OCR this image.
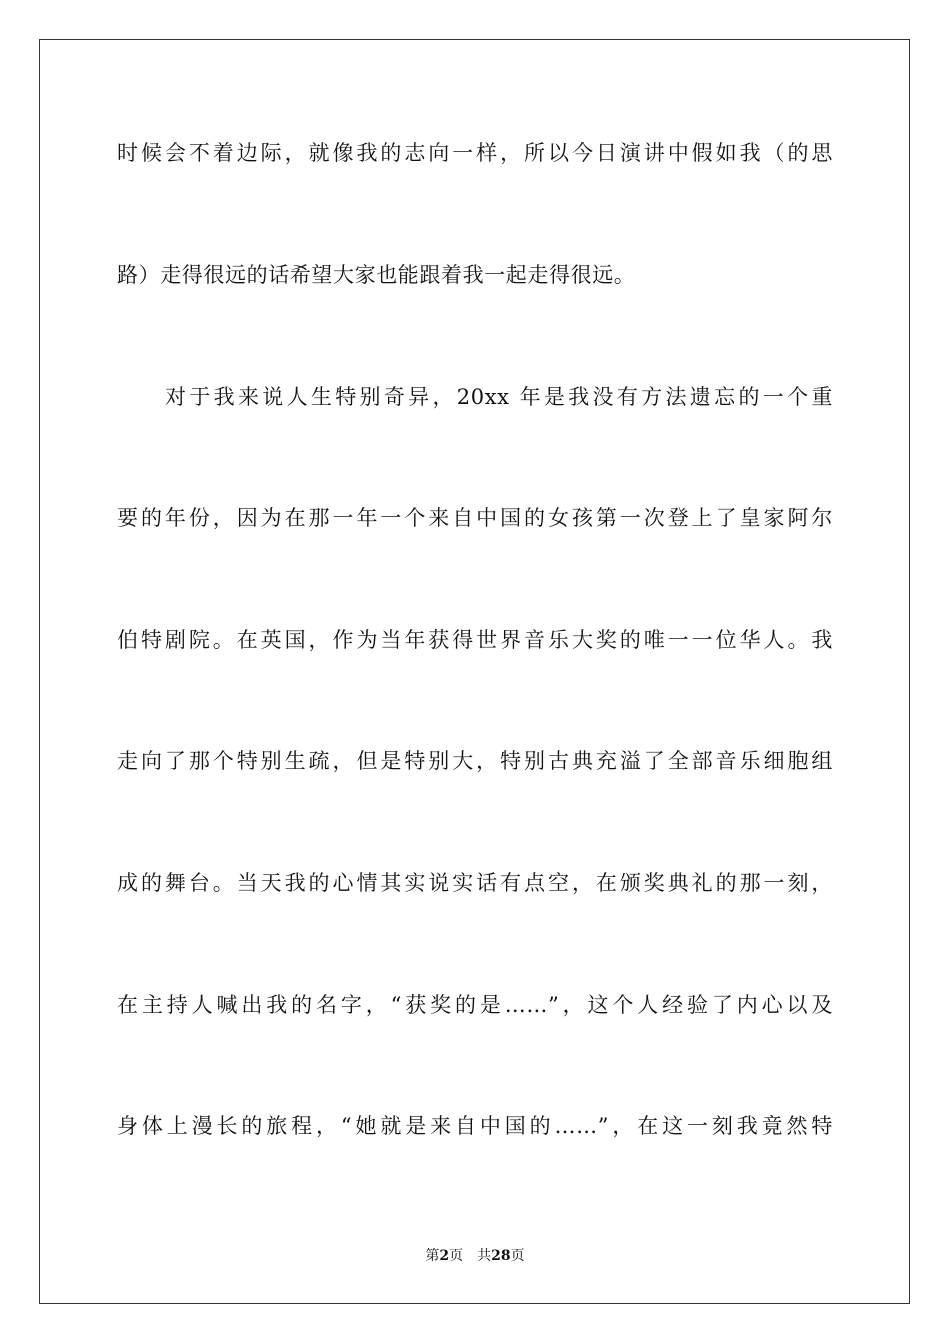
时候会不着边际，就像我的志向一样，所以今日演讲中假如我（的思
路）走得很远的话希望大家也能跟着我一起走得很远。
对于我来说人生特别奇异，20xx 年是我没有方法遗忘的一个重
要的年份，因为在那一年一个来自中国的女孩第一次登上了皇家阿尔
伯特剧院。在英国，作为当年获得世界音乐大奖的唯一一位华人。我
走向了那个特别生疏，但是特别大，特别古典充溢了全部音乐细胞组
成的舞台。当天我的心情其实说实话有点空，在颁奖典礼的那一刻，
在主持人喊出我的名字，“获奖的是……”，这个人经验了内心以及
身体上漫长的旅程，“她就是来自中国的……”，在这一刻我竟然特
第2页 共28页
